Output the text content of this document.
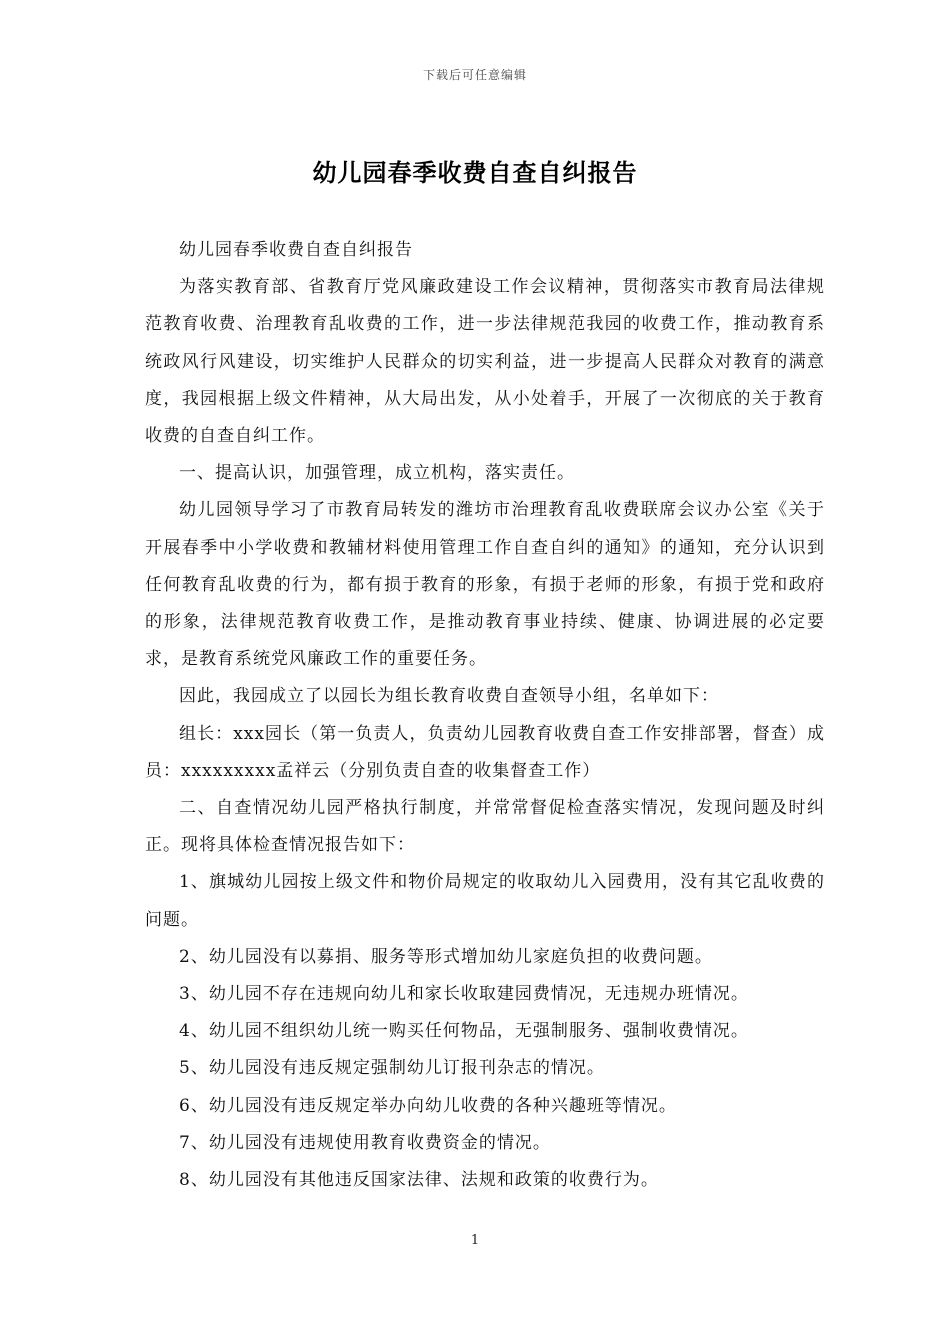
下载后可任意编辑
幼儿园春季收费自查自纠报告

幼儿园春季收费自查自纠报告

为落实教育部、省教育厅党风廉政建设工作会议精神，贯彻落实市教育局法律规范教育收费、治理教育乱收费的工作，进一步法律规范我园的收费工作，推动教育系统政风行风建设，切实维护人民群众的切实利益，进一步提高人民群众对教育的满意度，我园根据上级文件精神，从大局出发，从小处着手，开展了一次彻底的关于教育收费的自查自纠工作。

一、提高认识，加强管理，成立机构，落实责任。

幼儿园领导学习了市教育局转发的潍坊市治理教育乱收费联席会议办公室《关于开展春季中小学收费和教辅材料使用管理工作自查自纠的通知》的通知，充分认识到任何教育乱收费的行为，都有损于教育的形象，有损于老师的形象，有损于党和政府的形象，法律规范教育收费工作，是推动教育事业持续、健康、协调进展的必定要求，是教育系统党风廉政工作的重要任务。

因此，我园成立了以园长为组长教育收费自查领导小组，名单如下：

组长：xxx园长（第一负责人，负责幼儿园教育收费自查工作安排部署，督查）成员：xxxxxxxxx孟祥云（分别负责自查的收集督查工作）

二、自查情况幼儿园严格执行制度，并常常督促检查落实情况，发现问题及时纠正。现将具体检查情况报告如下：

1、旗城幼儿园按上级文件和物价局规定的收取幼儿入园费用，没有其它乱收费的问题。

2、幼儿园没有以募捐、服务等形式增加幼儿家庭负担的收费问题。

3、幼儿园不存在违规向幼儿和家长收取建园费情况，无违规办班情况。

4、幼儿园不组织幼儿统一购买任何物品，无强制服务、强制收费情况。

5、幼儿园没有违反规定强制幼儿订报刊杂志的情况。

6、幼儿园没有违反规定举办向幼儿收费的各种兴趣班等情况。

7、幼儿园没有违规使用教育收费资金的情况。

8、幼儿园没有其他违反国家法律、法规和政策的收费行为。

1
